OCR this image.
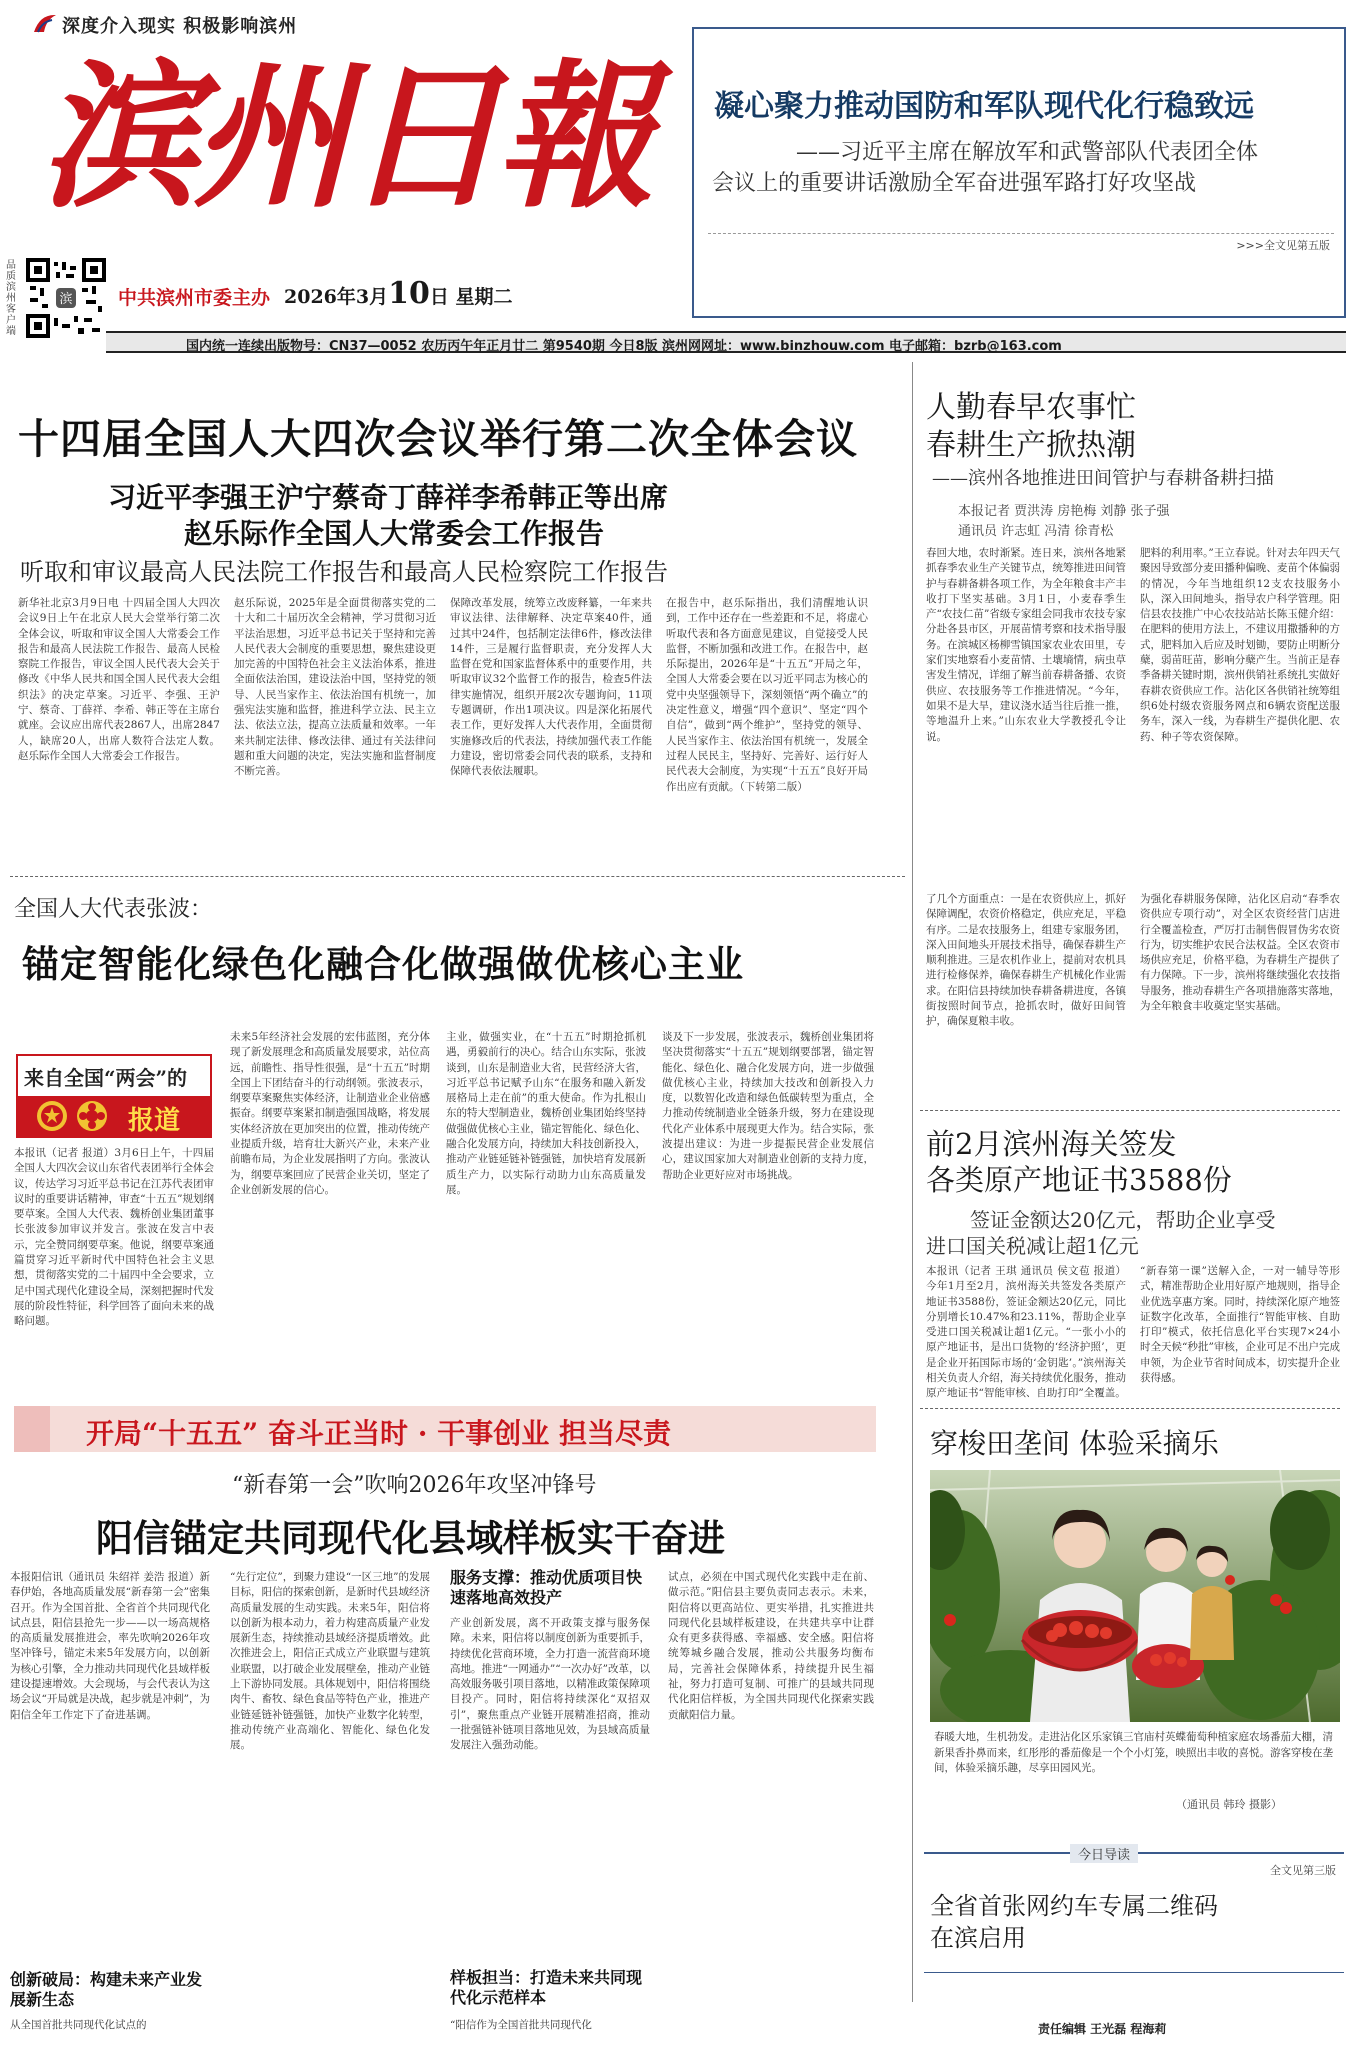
深度介入现实 积极影响滨州
滨州日報
品质滨州客户端
滨 中共滨州市委主办 2026年3月10日 星期二
凝心聚力推动国防和军队现代化行稳致远
——习近平主席在解放军和武警部队代表团全体
会议上的重要讲话激励全军奋进强军路打好攻坚战
>>>全文见第五版
国内统一连续出版物号：CN37—0052 农历丙午年正月廿二 第9540期 今日8版 滨州网网址：www.binzhouw.com 电子邮箱：bzrb@163.com
十四届全国人大四次会议举行第二次全体会议
习近平李强王沪宁蔡奇丁薛祥李希韩正等出席
赵乐际作全国人大常委会工作报告
听取和审议最高人民法院工作报告和最高人民检察院工作报告
新华社北京3月9日电 十四届全国人大四次会议9日上午在北京人民大会堂举行第二次全体会议，听取和审议全国人大常委会工作报告和最高人民法院工作报告、最高人民检察院工作报告，审议全国人民代表大会关于修改《中华人民共和国全国人民代表大会组织法》的决定草案。习近平、李强、王沪宁、蔡奇、丁薛祥、李希、韩正等在主席台就座。会议应出席代表2867人，出席2847人，缺席20人，出席人数符合法定人数。赵乐际作全国人大常委会工作报告。
赵乐际说，2025年是全面贯彻落实党的二十大和二十届历次全会精神，学习贯彻习近平法治思想，习近平总书记关于坚持和完善人民代表大会制度的重要思想，聚焦建设更加完善的中国特色社会主义法治体系，推进全面依法治国，建设法治中国，坚持党的领导、人民当家作主、依法治国有机统一，加强宪法实施和监督，推进科学立法、民主立法、依法立法，提高立法质量和效率。一年来共制定法律、修改法律、通过有关法律问题和重大问题的决定，宪法实施和监督制度不断完善。
保障改革发展，统筹立改废释纂，一年来共审议法律、法律解释、决定草案40件，通过其中24件，包括制定法律6件，修改法律14件，三是履行监督职责，充分发挥人大监督在党和国家监督体系中的重要作用，共听取审议32个监督工作的报告，检查5件法律实施情况，组织开展2次专题询问，11项专题调研，作出1项决议。四是深化拓展代表工作，更好发挥人大代表作用，全面贯彻实施修改后的代表法，持续加强代表工作能力建设，密切常委会同代表的联系，支持和保障代表依法履职。
在报告中，赵乐际指出，我们清醒地认识到，工作中还存在一些差距和不足，将虚心听取代表和各方面意见建议，自觉接受人民监督，不断加强和改进工作。在报告中，赵乐际提出，2026年是“十五五”开局之年，全国人大常委会要在以习近平同志为核心的党中央坚强领导下，深刻领悟“两个确立”的决定性意义，增强“四个意识”、坚定“四个自信”，做到“两个维护”，坚持党的领导、人民当家作主、依法治国有机统一，发展全过程人民民主，坚持好、完善好、运行好人民代表大会制度，为实现“十五五”良好开局作出应有贡献。（下转第二版）
全国人大代表张波：
锚定智能化绿色化融合化做强做优核心主业
来自全国“两会”的
报道
本报讯（记者 报道）3月6日上午，十四届全国人大四次会议山东省代表团举行全体会议，传达学习习近平总书记在江苏代表团审议时的重要讲话精神，审查“十五五”规划纲要草案。全国人大代表、魏桥创业集团董事长张波参加审议并发言。张波在发言中表示，完全赞同纲要草案。他说，纲要草案通篇贯穿习近平新时代中国特色社会主义思想，贯彻落实党的二十届四中全会要求，立足中国式现代化建设全局，深刻把握时代发展的阶段性特征，科学回答了面向未来的战略问题。
未来5年经济社会发展的宏伟蓝图，充分体现了新发展理念和高质量发展要求，站位高远，前瞻性、指导性很强，是“十五五”时期全国上下团结奋斗的行动纲领。张波表示，纲要草案聚焦实体经济，让制造业企业倍感振奋。纲要草案紧扣制造强国战略，将发展实体经济放在更加突出的位置，推动传统产业提质升级，培育壮大新兴产业，未来产业前瞻布局，为企业发展指明了方向。张波认为，纲要草案回应了民营企业关切，坚定了企业创新发展的信心。
主业，做强实业，在“十五五”时期抢抓机遇，勇毅前行的决心。结合山东实际，张波谈到，山东是制造业大省，民营经济大省，习近平总书记赋予山东“在服务和融入新发展格局上走在前”的重大使命。作为扎根山东的特大型制造业，魏桥创业集团始终坚持做强做优核心主业，锚定智能化、绿色化、融合化发展方向，持续加大科技创新投入，推动产业链延链补链强链，加快培育发展新质生产力，以实际行动助力山东高质量发展。
谈及下一步发展，张波表示，魏桥创业集团将坚决贯彻落实“十五五”规划纲要部署，锚定智能化、绿色化、融合化发展方向，进一步做强做优核心主业，持续加大技改和创新投入力度，以数智化改造和绿色低碳转型为重点，全力推动传统制造业全链条升级，努力在建设现代化产业体系中展现更大作为。结合实际，张波提出建议：为进一步提振民营企业发展信心，建议国家加大对制造业创新的支持力度，帮助企业更好应对市场挑战。
开局“十五五” 奋斗正当时 · 干事创业 担当尽责
“新春第一会”吹响2026年攻坚冲锋号
阳信锚定共同现代化县域样板实干奋进
本报阳信讯（通讯员 朱绍祥 姜浩 报道）新春伊始，各地高质量发展“新春第一会”密集召开。作为全国首批、全省首个共同现代化试点县，阳信县抢先一步——以一场高规格的高质量发展推进会，率先吹响2026年攻坚冲锋号，锚定未来5年发展方向，以创新为核心引擎，全力推动共同现代化县域样板建设提速增效。大会现场，与会代表认为这场会议“开局就是决战，起步就是冲刺”，为阳信全年工作定下了奋进基调。
创新破局：构建未来产业发展新生态
从全国首批共同现代化试点的
“先行定位”，到聚力建设“一区三地”的发展目标，阳信的探索创新，是新时代县域经济高质量发展的生动实践。未来5年，阳信将以创新为根本动力，着力构建高质量产业发展新生态，持续推动县域经济提质增效。此次推进会上，阳信正式成立产业联盟与建筑业联盟，以打破企业发展壁垒，推动产业链上下游协同发展。具体规划中，阳信将围绕肉牛、畜牧、绿色食品等特色产业，推进产业链延链补链强链，加快产业数字化转型，推动传统产业高端化、智能化、绿色化发展。
服务支撑：推动优质项目快速落地高效投产
产业创新发展，离不开政策支撑与服务保障。未来，阳信将以制度创新为重要抓手，持续优化营商环境，全力打造一流营商环境高地。推进“一网通办”“一次办好”改革，以高效服务吸引项目落地，以精准政策保障项目投产。同时，阳信将持续深化“双招双引”，聚焦重点产业链开展精准招商，推动一批强链补链项目落地见效，为县域高质量发展注入强劲动能。
样板担当：打造未来共同现代化示范样本
“阳信作为全国首批共同现代化
试点，必须在中国式现代化实践中走在前、做示范。”阳信县主要负责同志表示。未来，阳信将以更高站位、更实举措，扎实推进共同现代化县域样板建设，在共建共享中让群众有更多获得感、幸福感、安全感。阳信将统筹城乡融合发展，推动公共服务均衡布局，完善社会保障体系，持续提升民生福祉，努力打造可复制、可推广的县域共同现代化阳信样板，为全国共同现代化探索实践贡献阳信力量。
人勤春早农事忙
春耕生产掀热潮
——滨州各地推进田间管护与春耕备耕扫描
本报记者 贾洪涛 房艳梅 刘静 张子强
通讯员 许志虹 冯清 徐青松
春回大地，农时渐紧。连日来，滨州各地紧抓春季农业生产关键节点，统筹推进田间管护与春耕备耕各项工作，为全年粮食丰产丰收打下坚实基础。3月1日，小麦春季生产“农技仁苗”省级专家组会同我市农技专家分赴各县市区，开展苗情考察和技术指导服务。在滨城区杨柳雪镇国家农业农田里，专家们实地察看小麦苗情、土壤墒情，病虫草害发生情况，详细了解当前春耕备播、农资供应、农技服务等工作推进情况。“今年，如果不是大旱，建议浇水适当往后推一推，等地温升上来。”山东农业大学教授孔令让说。
肥料的利用率。”王立春说。针对去年四天气聚因导致部分麦田播种偏晚、麦苗个体偏弱的情况，今年当地组织12支农技服务小队，深入田间地头，指导农户科学管理。阳信县农技推广中心农技站站长陈玉健介绍：在肥料的使用方法上，不建议用撒播种的方式，肥料加入后应及时划锄，要防止明断分蘖，弱苗旺苗，影响分蘖产生。当前正是春季备耕关键时期，滨州供销社系统扎实做好春耕农资供应工作。沾化区各供销社统筹组织6处村级农资服务网点和6辆农资配送服务车，深入一线，为春耕生产提供化肥、农药、种子等农资保障。
了几个方面重点：一是在农资供应上，抓好保障调配，农资价格稳定，供应充足，平稳有序。二是农技服务上，组建专家服务团，深入田间地头开展技术指导，确保春耕生产顺利推进。三是农机作业上，提前对农机具进行检修保养，确保春耕生产机械化作业需求。在阳信县持续加快春耕备耕进度，各镇街按照时间节点，抢抓农时，做好田间管护，确保夏粮丰收。
为强化春耕服务保障，沾化区启动“春季农资供应专项行动”，对全区农资经营门店进行全覆盖检查，严厉打击制售假冒伪劣农资行为，切实维护农民合法权益。全区农资市场供应充足，价格平稳，为春耕生产提供了有力保障。下一步，滨州将继续强化农技指导服务，推动春耕生产各项措施落实落地，为全年粮食丰收奠定坚实基础。
前2月滨州海关签发
各类原产地证书3588份
签证金额达20亿元，帮助企业享受
进口国关税减让超1亿元
本报讯（记者 王琪 通讯员 侯文苞 报道）今年1月至2月，滨州海关共签发各类原产地证书3588份，签证金额达20亿元，同比分别增长10.47%和23.11%，帮助企业享受进口国关税减让超1亿元。“一张小小的原产地证书，是出口货物的‘经济护照’，更是企业开拓国际市场的‘金钥匙’。”滨州海关相关负责人介绍，海关持续优化服务，推动原产地证书“智能审核、自助打印”全覆盖。
“新春第一课”送解入企，一对一辅导等形式，精准帮助企业用好原产地规则，指导企业优选享惠方案。同时，持续深化原产地签证数字化改革，全面推行“智能审核、自助打印”模式，依托信息化平台实现7×24小时全天候“秒批”审核，企业可足不出户完成申领，为企业节省时间成本，切实提升企业获得感。
穿梭田垄间 体验采摘乐
春暖大地，生机勃发。走进沾化区乐家镇三官庙村英蝶葡萄种植家庭农场番茄大棚，清新果香扑鼻而来，红彤彤的番茄像是一个个小灯笼，映照出丰收的喜悦。游客穿梭在垄间，体验采摘乐趣，尽享田园风光。
（通讯员 韩玲 摄影）
今日导读
全文见第三版
全省首张网约车专属二维码
在滨启用
责任编辑 王光磊 程海莉
